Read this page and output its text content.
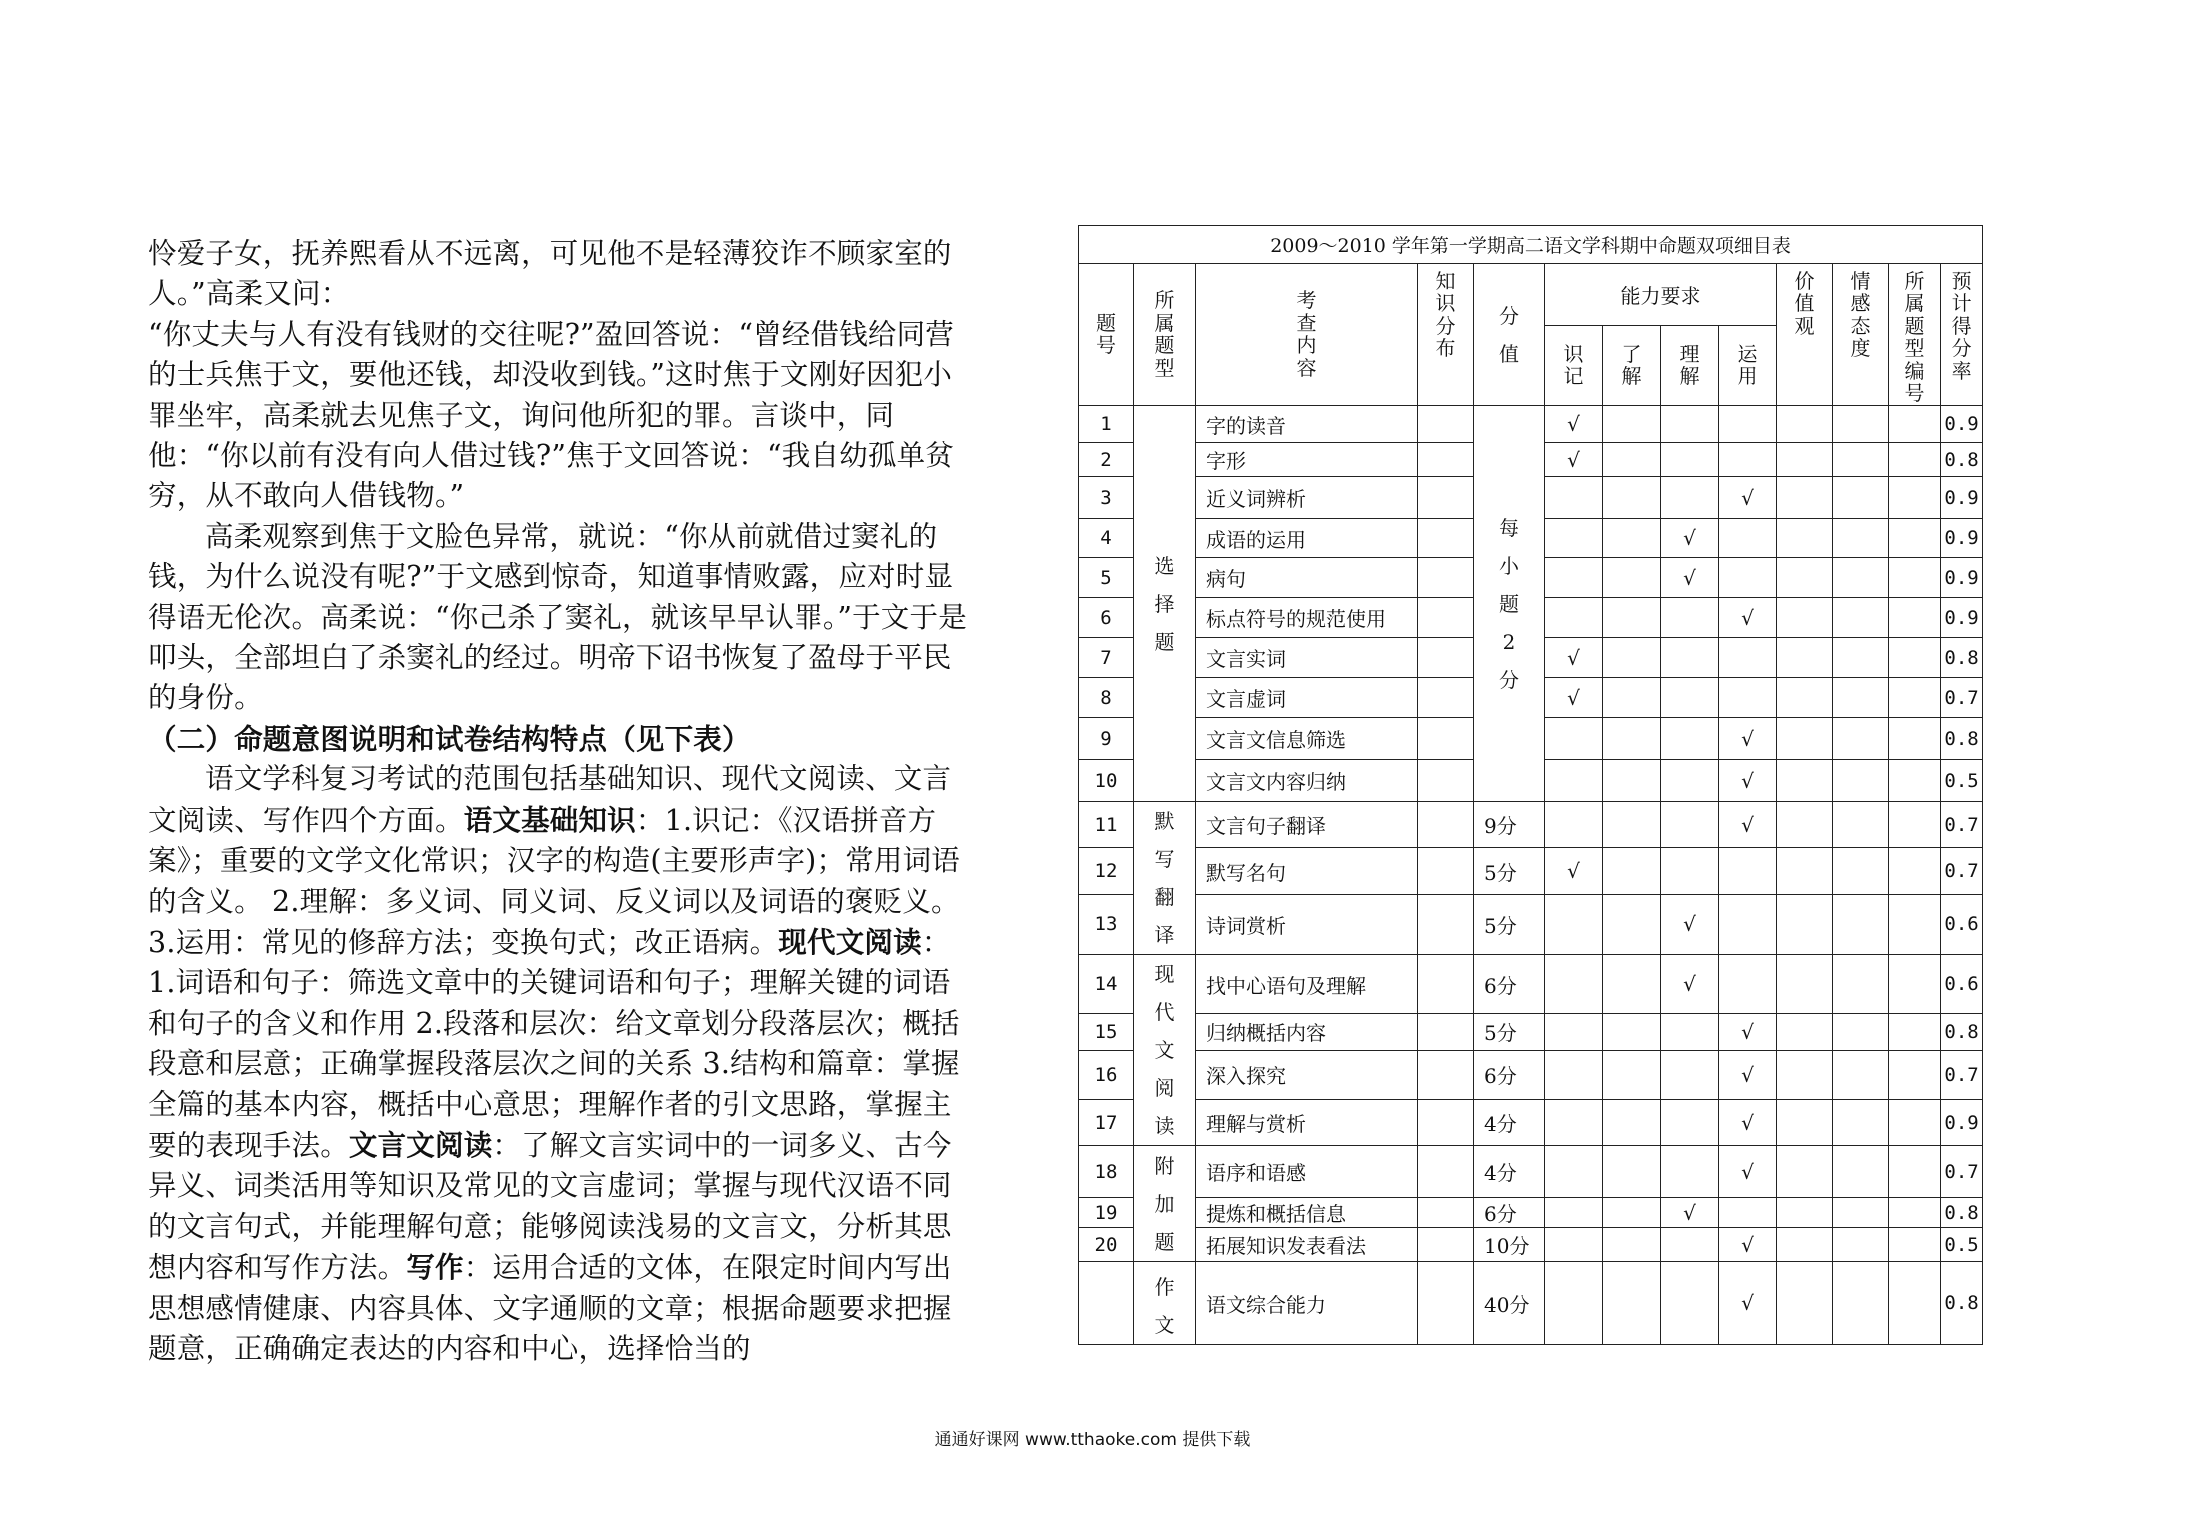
怜爱子女，抚养熙看从不远离，可见他不是轻薄狡诈不顾家室的人。”高柔又问：

“你丈夫与人有没有钱财的交往呢?”盈回答说：“曾经借钱给同营的士兵焦于文，要他还钱，却没收到钱。”这时焦于文刚好因犯小罪坐牢，高柔就去见焦子文，询问他所犯的罪。言谈中，同他：“你以前有没有向人借过钱?”焦于文回答说：“我自幼孤单贫穷，从不敢向人借钱物。”

高柔观察到焦于文脸色异常，就说：“你从前就借过窦礼的钱，为什么说没有呢?”于文感到惊奇，知道事情败露，应对时显得语无伦次。高柔说：“你己杀了窦礼，就该早早认罪。”于文于是叩头，全部坦白了杀窦礼的经过。明帝下诏书恢复了盈母于平民的身份。

（二）命题意图说明和试卷结构特点（见下表）

语文学科复习考试的范围包括基础知识、现代文阅读、文言文阅读、写作四个方面。语文基础知识：1.识记：《汉语拼音方案》；重要的文学文化常识；汉字的构造(主要形声字)；常用词语的含义。 2.理解：多义词、同义词、反义词以及词语的褒贬义。 3.运用：常见的修辞方法；变换句式；改正语病。现代文阅读：1.词语和句子：筛选文章中的关键词语和句子；理解关键的词语和句子的含义和作用 2.段落和层次：给文章划分段落层次；概括段意和层意；正确掌握段落层次之间的关系 3.结构和篇章：掌握全篇的基本内容，概括中心意思；理解作者的引文思路，掌握主要的表现手法。文言文阅读：了解文言实词中的一词多义、古今异义、词类活用等知识及常见的文言虚词；掌握与现代汉语不同的文言句式，并能理解句意；能够阅读浅易的文言文，分析其思想内容和写作方法。写作：运用合适的文体，在限定时间内写出思想感情健康、内容具体、文字通顺的文章；根据命题要求把握题意，正确确定表达的内容和中心，选择恰当的

2009～2010 学年第一学期高二语文学科期中命题双项细目表													
题号	所属题型	考查内容	知识分布	分值	能力要求				价值观	情感态度	所属题型编号	预计得分率	
					识记	了解	理解	运用					
1	选择题	字的读音		每小题2分	√							0.9	
2		字形			√							0.8	
3		近义词辨析						√				0.9	
4		成语的运用					√					0.9	
5		病句					√					0.9	
6		标点符号的规范使用						√				0.9	
7		文言实词			√							0.8	
8		文言虚词			√							0.7	
9		文言文信息筛选						√				0.8	
10		文言文内容归纳						√				0.5	
11	默写翻译	文言句子翻译		9分				√				0.7	
12		默写名句		5分	√							0.7	
13		诗词赏析		5分			√					0.6	
14	现代文阅读	找中心语句及理解		6分			√					0.6	
15		归纳概括内容		5分				√				0.8	
16		深入探究		6分				√				0.7	
17		理解与赏析		4分				√				0.9	
18	附加题	语序和语感		4分				√				0.7	
19		提炼和概括信息		6分			√					0.8	
20		拓展知识发表看法		10分				√				0.5	
	作文	语文综合能力		40分				√				0.8	
通通好课网 www.tthaoke.com 提供下载
